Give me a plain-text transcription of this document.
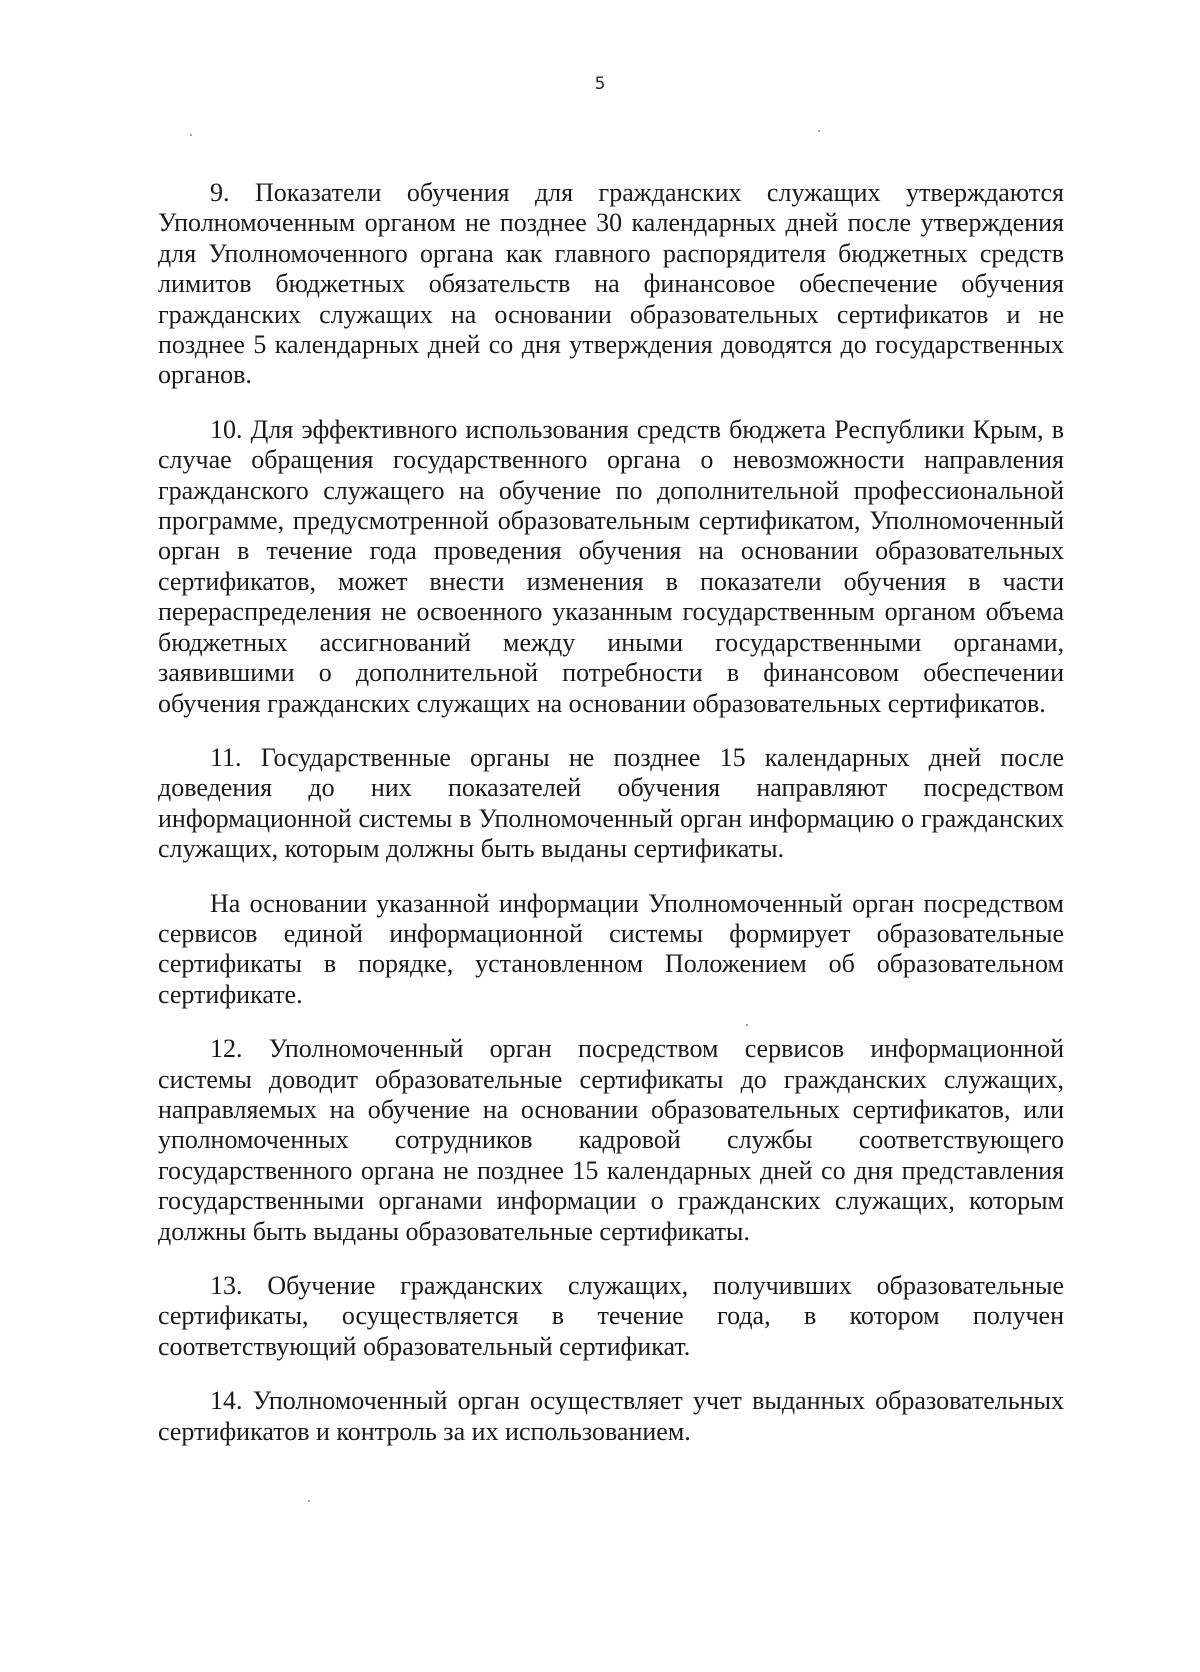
5

9. Показатели обучения для гражданских служащих утверждаются Уполномоченным органом не позднее 30 календарных дней после утверждения для Уполномоченного органа как главного распорядителя бюджетных средств лимитов бюджетных обязательств на финансовое обеспечение обучения гражданских служащих на основании образовательных сертификатов и не позднее 5 календарных дней со дня утверждения доводятся до государственных органов.

10. Для эффективного использования средств бюджета Республики Крым, в случае обращения государственного органа о невозможности направления гражданского служащего на обучение по дополнительной профессиональной программе, предусмотренной образовательным сертификатом, Уполномоченный орган в течение года проведения обучения на основании образовательных сертификатов, может внести изменения в показатели обучения в части перераспределения не освоенного указанным государственным органом объема бюджетных ассигнований между иными государственными органами, заявившими о дополнительной потребности в финансовом обеспечении обучения гражданских служащих на основании образовательных сертификатов.

11. Государственные органы не позднее 15 календарных дней после доведения до них показателей обучения направляют посредством информационной системы в Уполномоченный орган информацию о гражданских служащих, которым должны быть выданы сертификаты.

На основании указанной информации Уполномоченный орган посредством сервисов единой информационной системы формирует образовательные сертификаты в порядке, установленном Положением об образовательном сертификате.

12. Уполномоченный орган посредством сервисов информационной системы доводит образовательные сертификаты до гражданских служащих, направляемых на обучение на основании образовательных сертификатов, или уполномоченных сотрудников кадровой службы соответствующего государственного органа не позднее 15 календарных дней со дня представления государственными органами информации о гражданских служащих, которым должны быть выданы образовательные сертификаты.

13. Обучение гражданских служащих, получивших образовательные сертификаты, осуществляется в течение года, в котором получен соответствующий образовательный сертификат.

14. Уполномоченный орган осуществляет учет выданных образовательных сертификатов и контроль за их использованием.
